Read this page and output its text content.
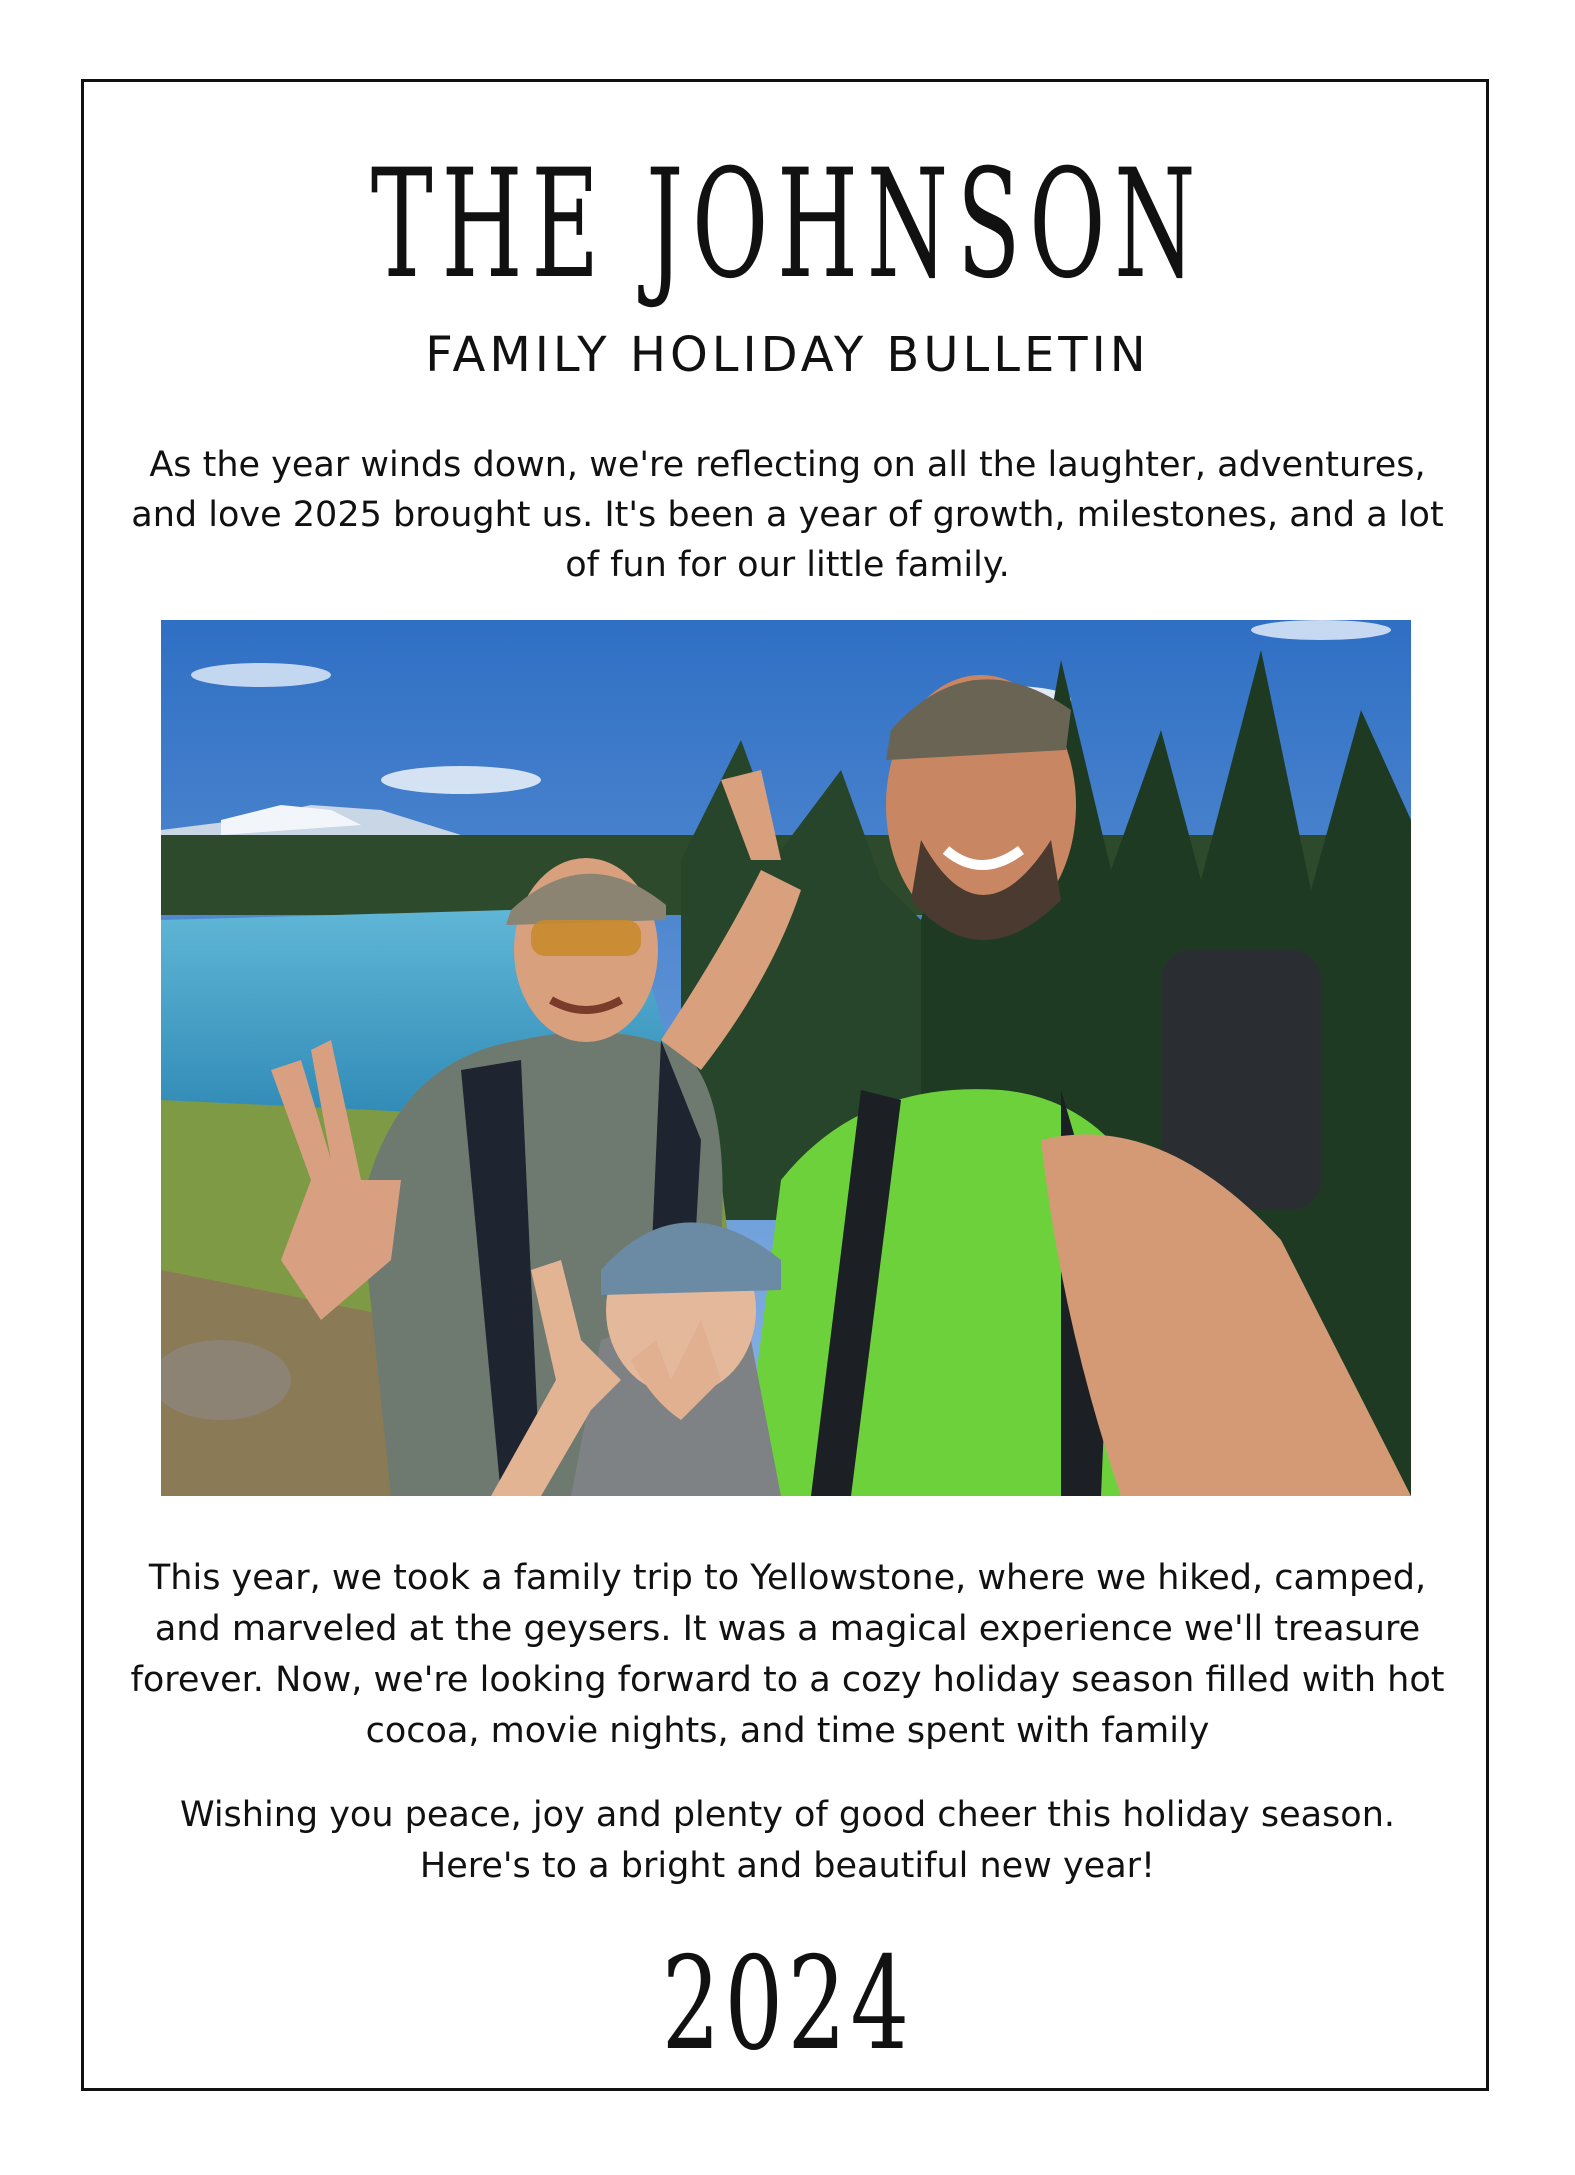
THE JOHNSON
FAMILY HOLIDAY BULLETIN

As the year winds down, we're reflecting on all the laughter, adventures, and love 2025 brought us. It's been a year of growth, milestones, and a lot of fun for our little family.

This year, we took a family trip to Yellowstone, where we hiked, camped, and marveled at the geysers. It was a magical experience we'll treasure forever. Now, we're looking forward to a cozy holiday season filled with hot cocoa, movie nights, and time spent with family

Wishing you peace, joy and plenty of good cheer this holiday season. Here's to a bright and beautiful new year!

2024
